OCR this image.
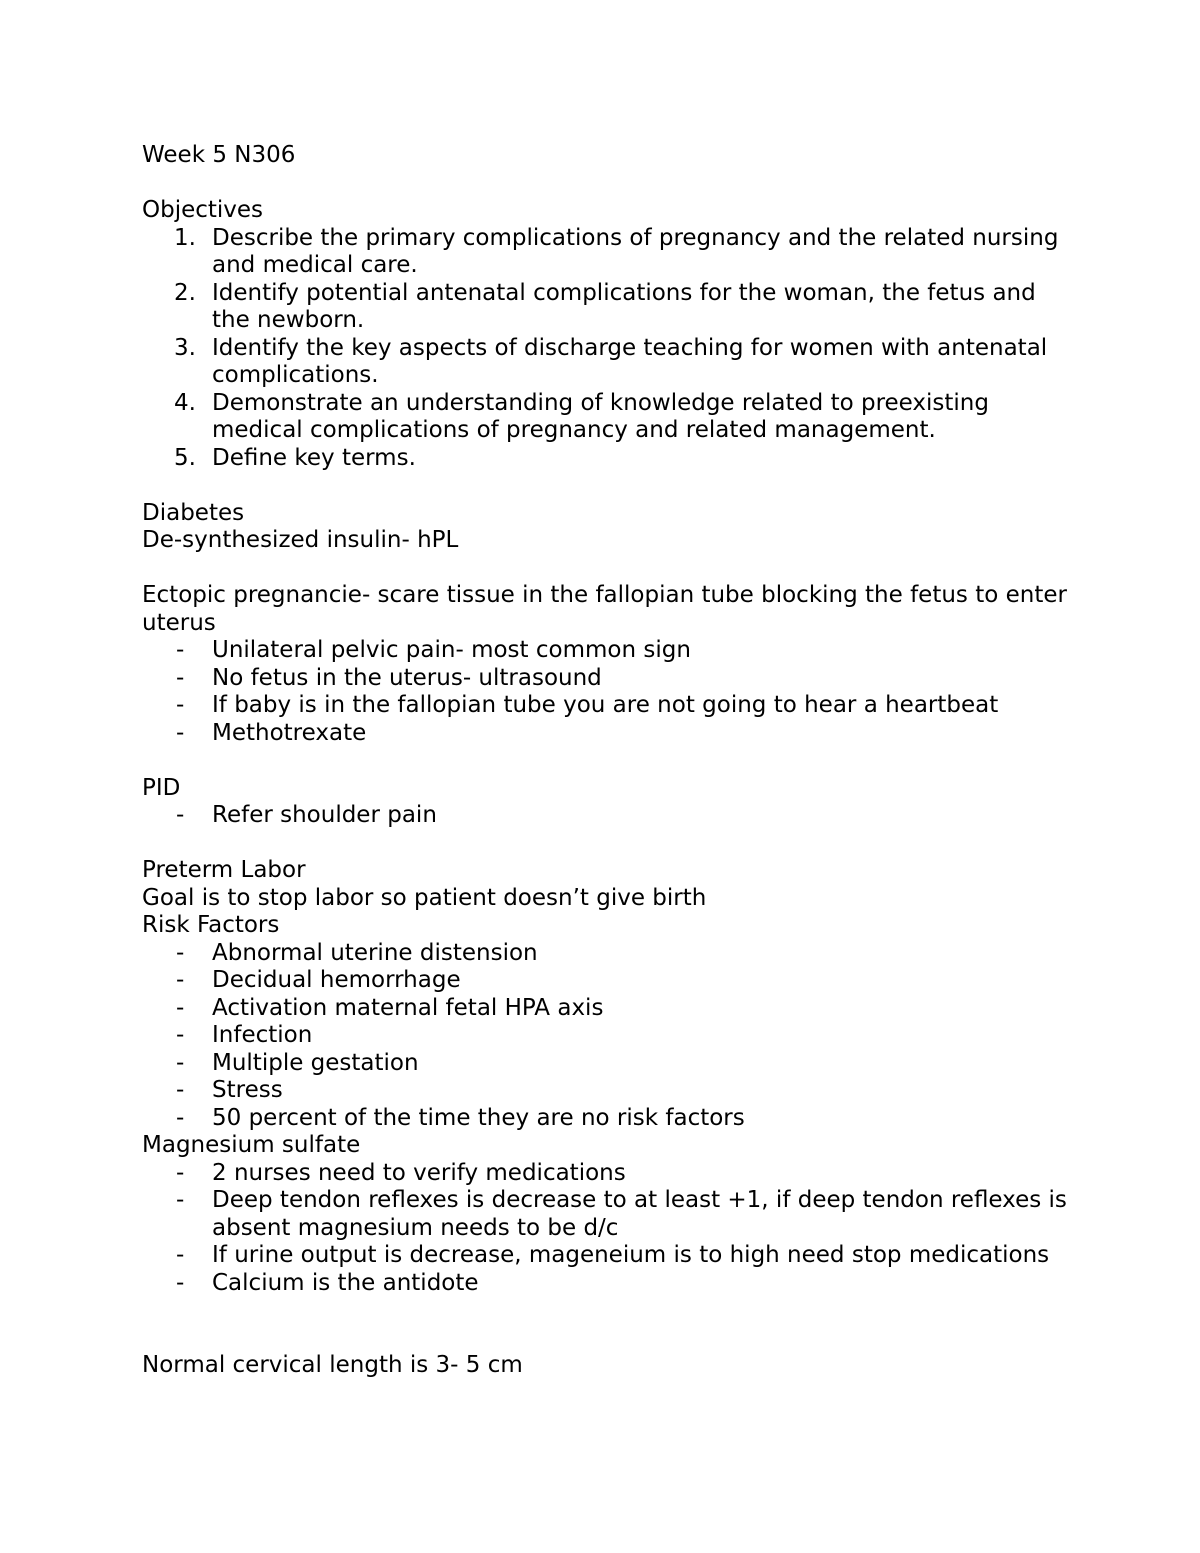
Week 5 N306

Objectives

1. Describe the primary complications of pregnancy and the related nursing and medical care.
2. Identify potential antenatal complications for the woman, the fetus and the newborn.
3. Identify the key aspects of discharge teaching for women with antenatal complications.
4. Demonstrate an understanding of knowledge related to preexisting medical complications of pregnancy and related management.
5. Define key terms.

Diabetes

De-synthesized insulin- hPL

Ectopic pregnancie- scare tissue in the fallopian tube blocking the fetus to enter uterus

-	Unilateral pelvic pain- most common sign
-	No fetus in the uterus- ultrasound
-	If baby is in the fallopian tube you are not going to hear a heartbeat
-	Methotrexate

PID

-	Refer shoulder pain

Preterm Labor

Goal is to stop labor so patient doesn’t give birth

Risk Factors

-	Abnormal uterine distension
-	Decidual hemorrhage
-	Activation maternal fetal HPA axis
-	Infection
-	Multiple gestation
-	Stress
-	50 percent of the time they are no risk factors

Magnesium sulfate

-	2 nurses need to verify medications
-	Deep tendon reflexes is decrease to at least +1, if deep tendon reflexes is absent magnesium needs to be d/c
-	If urine output is decrease, mageneium is to high need stop medications
-	Calcium is the antidote

Normal cervical length is 3- 5 cm
